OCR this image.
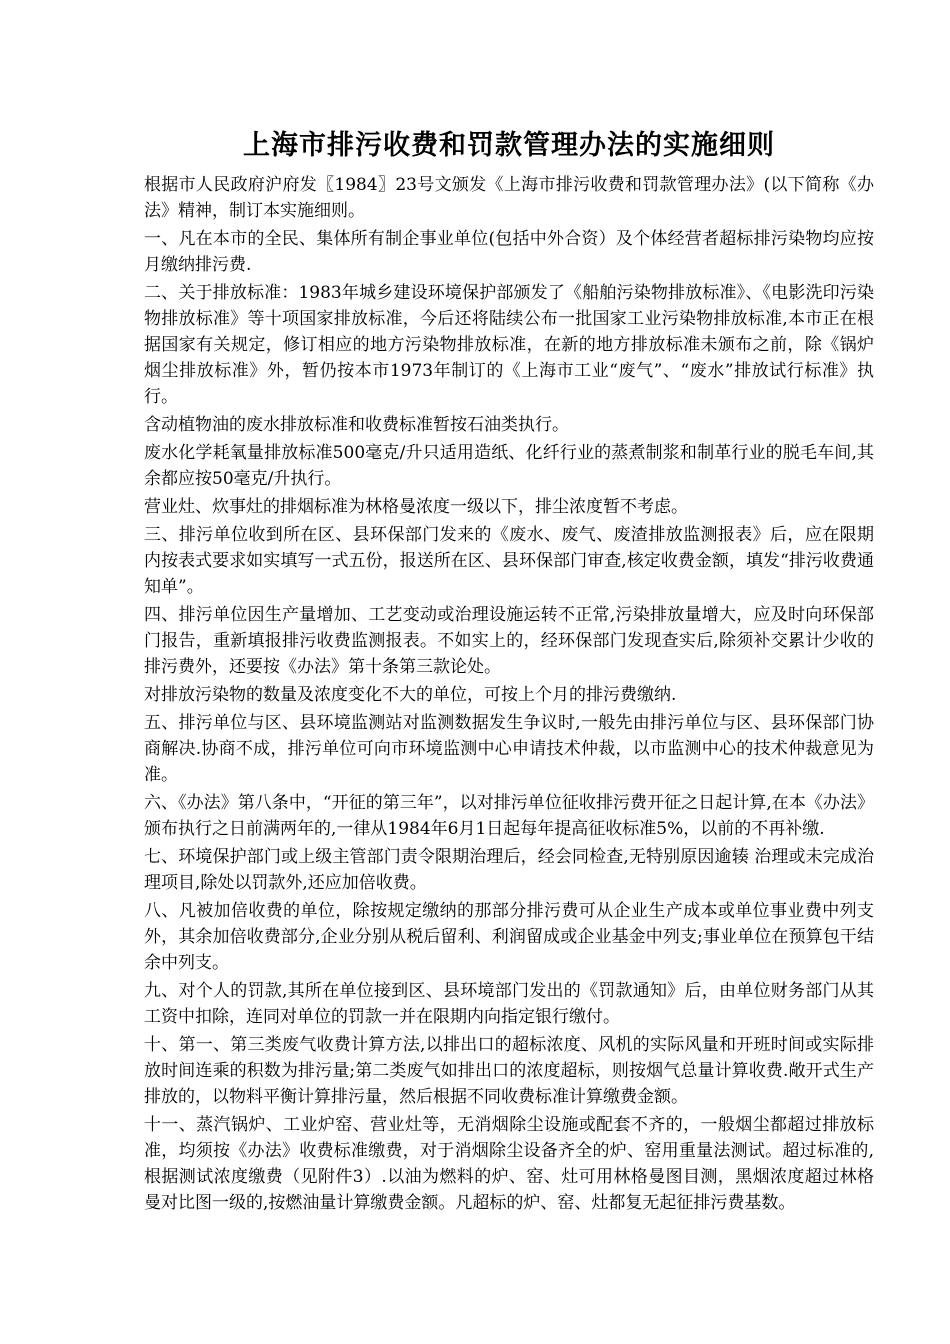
上海市排污收费和罚款管理办法的实施细则

根据市人民政府沪府发〖1984〗23号文颁发《上海市排污收费和罚款管理办法》(以下简称《办法》精神，制订本实施细则。

一、凡在本市的全民、集体所有制企事业单位(包括中外合资）及个体经营者超标排污染物均应按月缴纳排污费.

二、关于排放标准：1983年城乡建设环境保护部颁发了《船舶污染物排放标准》、《电影洗印污染物排放标准》等十项国家排放标准，今后还将陆续公布一批国家工业污染物排放标准,本市正在根据国家有关规定，修订相应的地方污染物排放标准，在新的地方排放标准未颁布之前，除《锅炉烟尘排放标准》外，暂仍按本市1973年制订的《上海市工业“废气”、“废水”排放试行标准》执行。

含动植物油的废水排放标准和收费标准暂按石油类执行。

废水化学耗氧量排放标准500毫克/升只适用造纸、化纤行业的蒸煮制浆和制革行业的脱毛车间,其余都应按50毫克/升执行。

营业灶、炊事灶的排烟标准为林格曼浓度一级以下，排尘浓度暂不考虑。

三、排污单位收到所在区、县环保部门发来的《废水、废气、废渣排放监测报表》后，应在限期内按表式要求如实填写一式五份，报送所在区、县环保部门审查,核定收费金额，填发“排污收费通知单”。

四、排污单位因生产量增加、工艺变动或治理设施运转不正常,污染排放量增大，应及时向环保部门报告，重新填报排污收费监测报表。不如实上的，经环保部门发现查实后,除须补交累计少收的排污费外，还要按《办法》第十条第三款论处。

对排放污染物的数量及浓度变化不大的单位，可按上个月的排污费缴纳.

五、排污单位与区、县环境监测站对监测数据发生争议时,一般先由排污单位与区、县环保部门协商解决.协商不成，排污单位可向市环境监测中心申请技术仲裁，以市监测中心的技术仲裁意见为准。

六、《办法》第八条中，“开征的第三年”，以对排污单位征收排污费开征之日起计算,在本《办法》颁布执行之日前满两年的,一律从1984年6月1日起每年提高征收标准5%，以前的不再补缴.

七、环境保护部门或上级主管部门责令限期治理后，经会同检查,无特别原因逾辏 治理或未完成治理项目,除处以罚款外,还应加倍收费。

八、凡被加倍收费的单位，除按规定缴纳的那部分排污费可从企业生产成本或单位事业费中列支外，其余加倍收费部分,企业分别从税后留利、利润留成或企业基金中列支;事业单位在预算包干结余中列支。

九、对个人的罚款,其所在单位接到区、县环境部门发出的《罚款通知》后，由单位财务部门从其工资中扣除，连同对单位的罚款一并在限期内向指定银行缴付。

十、第一、第三类废气收费计算方法,以排出口的超标浓度、风机的实际风量和开班时间或实际排放时间连乘的积数为排污量;第二类废气如排出口的浓度超标，则按烟气总量计算收费.敞开式生产排放的，以物料平衡计算排污量，然后根据不同收费标准计算缴费金额。

十一、蒸汽锅炉、工业炉窑、营业灶等，无消烟除尘设施或配套不齐的，一般烟尘都超过排放标准，均须按《办法》收费标准缴费，对于消烟除尘设备齐全的炉、窑用重量法测试。超过标准的,根据测试浓度缴费（见附件3）.以油为燃料的炉、窑、灶可用林格曼图目测，黑烟浓度超过林格曼对比图一级的,按燃油量计算缴费金额。凡超标的炉、窑、灶都复无起征排污费基数。
